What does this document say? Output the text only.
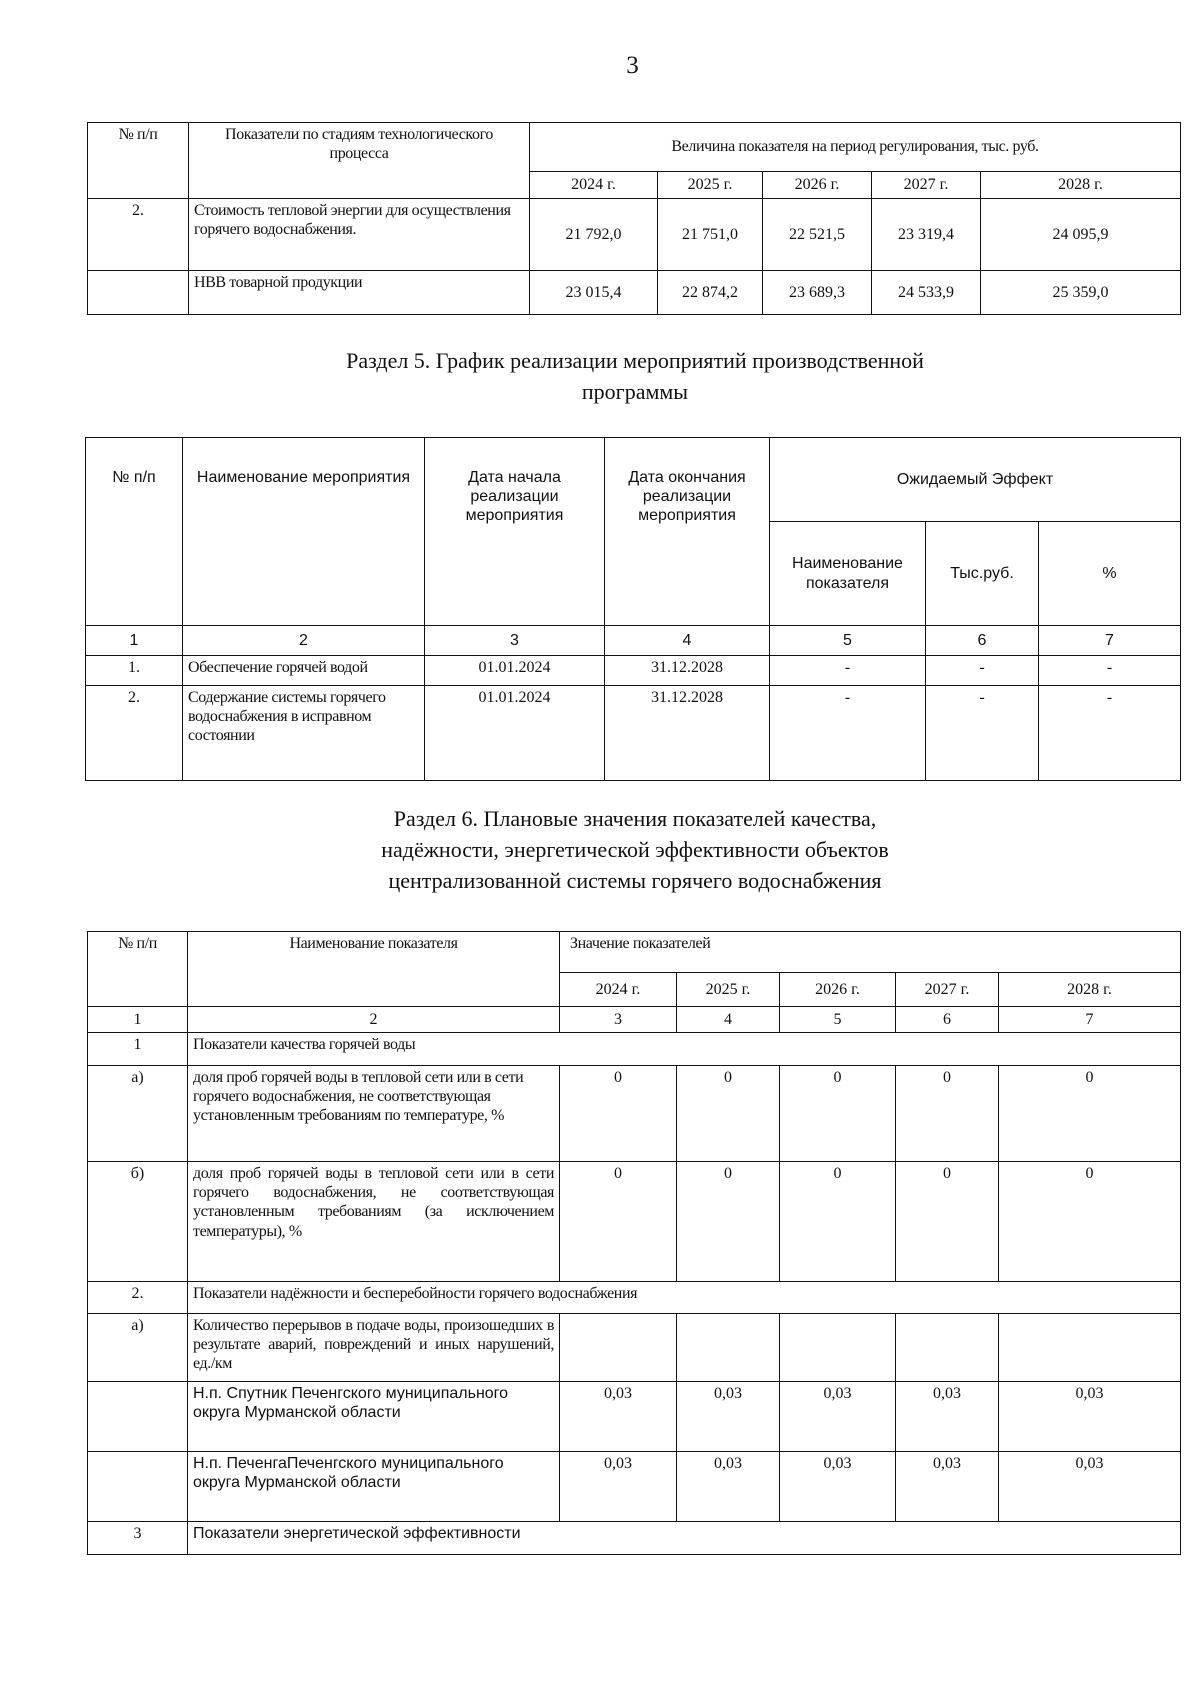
3
№ п/п	Показатели по стадиям технологического процесса	Величина показателя на период регулирования, тыс. руб.				
		2024 г.	2025 г.	2026 г.	2027 г.	2028 г.
2.	Стоимость тепловой энергии для осуществления горячего водоснабжения.	21 792,0	21 751,0	22 521,5	23 319,4	24 095,9
	НВВ товарной продукции	23 015,4	22 874,2	23 689,3	24 533,9	25 359,0
Раздел 5. График реализации мероприятий производственной
программы
№ п/п	Наименование мероприятия	Дата начала реализации мероприятия	Дата окончания реализации мероприятия	Ожидаемый Эффект		
				Наименование показателя	Тыс.руб.	%
1	2	3	4	5	6	7
1.	Обеспечение горячей водой	01.01.2024	31.12.2028	-	-	-
2.	Содержание системы горячего водоснабжения в исправном состоянии	01.01.2024	31.12.2028	-	-	-
Раздел 6. Плановые значения показателей качества,
надёжности, энергетической эффективности объектов
централизованной системы горячего водоснабжения
№ п/п	Наименование показателя	Значение показателей				
		2024 г.	2025 г.	2026 г.	2027 г.	2028 г.
1	2	3	4	5	6	7
1	Показатели качества горячей воды					
а)	доля проб горячей воды в тепловой сети или в сети горячего водоснабжения, не соответствующая установленным требованиям по температуре, %	0	0	0	0	0
б)	доля проб горячей воды в тепловой сети или в сети горячего водоснабжения, не соответствующая установленным требованиям (за исключением температуры), %	0	0	0	0	0
2.	Показатели надёжности и бесперебойности горячего водоснабжения					
а)	Количество перерывов в подаче воды, произошедших в результате аварий, повреждений и иных нарушений, ед./км					
	Н.п. Спутник Печенгского муниципального округа Мурманской области	0,03	0,03	0,03	0,03	0,03
	Н.п. ПеченгаПеченгского муниципального округа Мурманской области	0,03	0,03	0,03	0,03	0,03
3	Показатели энергетической эффективности					
